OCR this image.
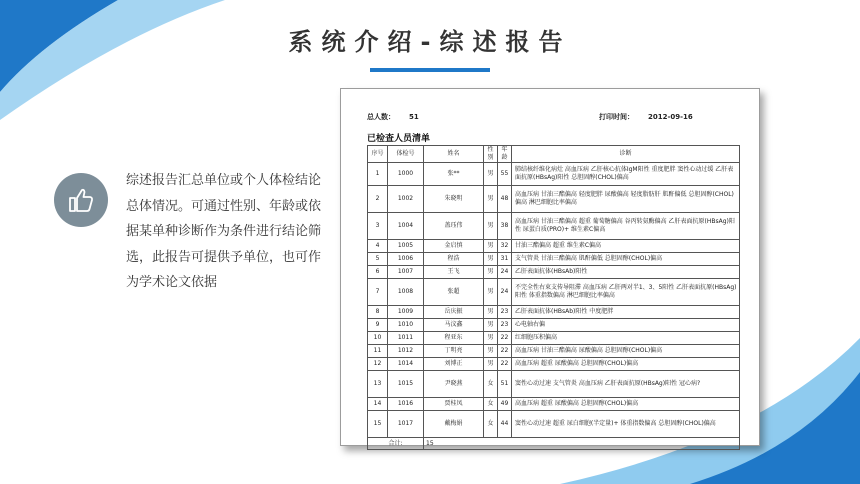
系统介绍-综述报告
综述报告汇总单位或个人体检结论总体情况。可通过性别、年龄或依据某单种诊断作为条件进行结论筛选，此报告可提供予单位，也可作为学术论文依据
总人数： 51	打印时间： 2012-09-16
已检查人员清单
序号	体检号	姓名	性别	年龄	诊断
1	1000	张**	男	55	肺结核纤维化病灶 高血压病 乙肝核心抗体IgM阳性 重度肥胖 窦性心动过缓 乙肝表面抗原(HBsAg)阳性 总胆固醇(CHOL)偏高
2	1002	朱晓明	男	48	高血压病 甘油三酯偏高 轻度肥胖 尿酸偏高 轻度脂肪肝 肌酐偏低 总胆固醇(CHOL)偏高 淋巴细胞比率偏高
3	1004	盖珏伟	男	38	高血压病 甘油三酯偏高 超重 葡萄糖偏高 谷丙转氨酶偏高 乙肝表面抗原(HBsAg)阳性 尿蛋白质(PRO)+ 维生素C偏高
4	1005	金启慎	男	32	甘油三酯偏高 超重 维生素C偏高
5	1006	程浩	男	31	支气管炎 甘油三酯偏高 肌酐偏低 总胆固醇(CHOL)偏高
6	1007	王飞	男	24	乙肝表面抗体(HBsAb)阳性
7	1008	张超	男	24	不完全性右束支传导阻滞 高血压病 乙肝两对半1、3、5阳性 乙肝表面抗原(HBsAg)阳性 体重指数偏高 淋巴细胞比率偏高
8	1009	岳庆振	男	23	乙肝表面抗体(HBsAb)阳性 中度肥胖
9	1010	马汶鑫	男	23	心电轴右偏
10	1011	程亚东	男	22	红细胞压积偏高
11	1012	丁明亮	男	22	高血压病 甘油三酯偏高 尿酸偏高 总胆固醇(CHOL)偏高
12	1014	刘博正	男	22	高血压病 超重 尿酸偏高 总胆固醇(CHOL)偏高
13	1015	尹晓燕	女	51	窦性心动过速 支气管炎 高血压病 乙肝表面抗原(HBsAg)阳性 冠心病?
14	1016	贾桂凤	女	49	高血压病 超重 尿酸偏高 总胆固醇(CHOL)偏高
15	1017	戴梅娟	女	44	窦性心动过速 超重 尿白细胞(半定量)+ 体重指数偏高 总胆固醇(CHOL)偏高
合计:		15			
